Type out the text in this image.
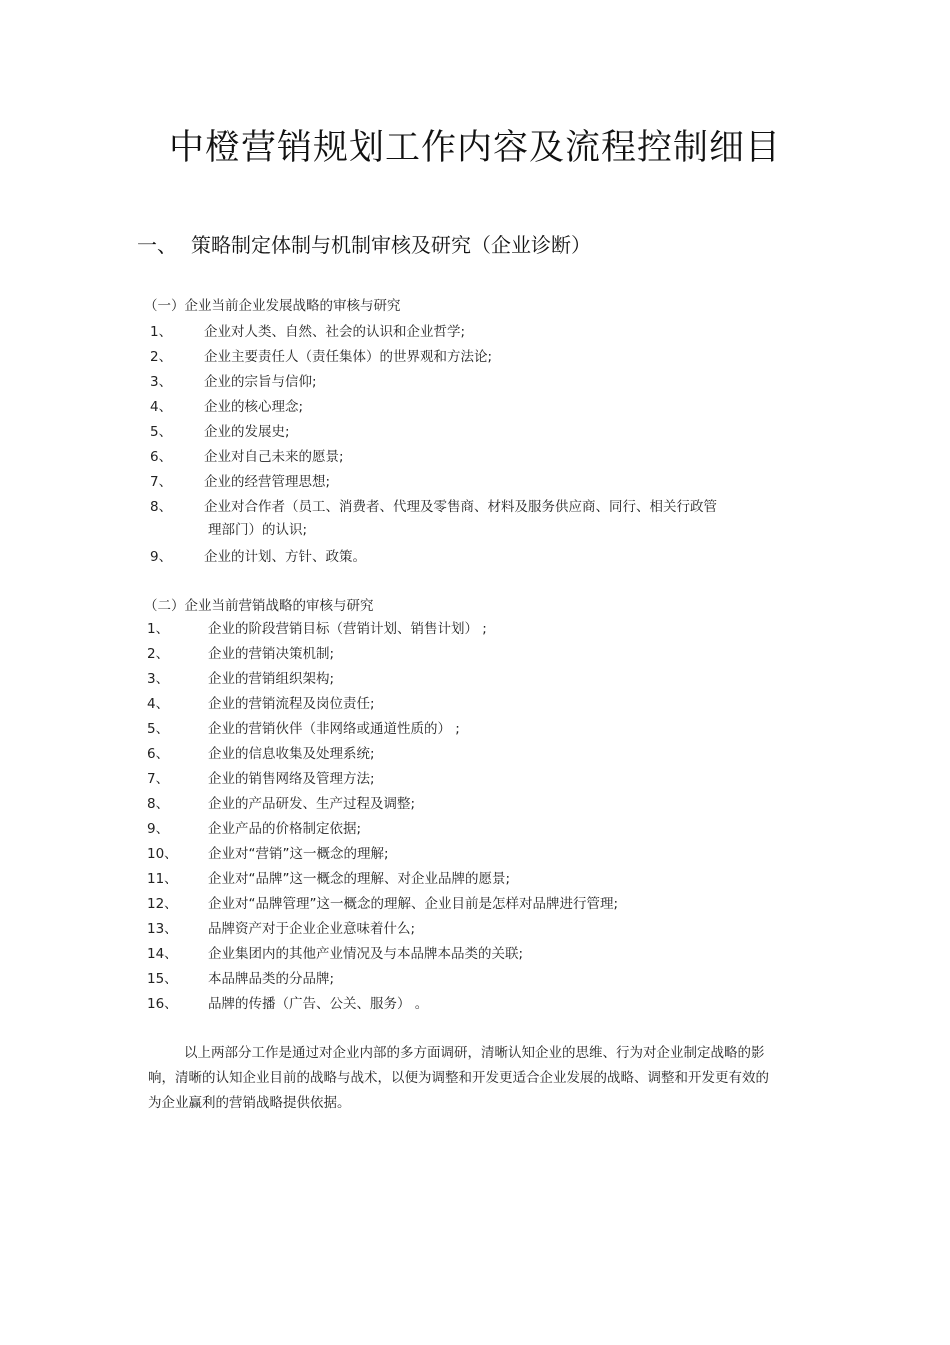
中橙营销规划工作内容及流程控制细目
一、 策略制定体制与机制审核及研究（企业诊断）
（一）企业当前企业发展战略的审核与研究
1、 企业对人类、自然、社会的认识和企业哲学;
2、 企业主要责任人（责任集体）的世界观和方法论;
3、 企业的宗旨与信仰;
4、 企业的核心理念;
5、 企业的发展史;
6、 企业对自己未来的愿景;
7、 企业的经营管理思想;
8、 企业对合作者（员工、消费者、代理及零售商、材料及服务供应商、同行、相关行政管
理部门）的认识;
9、 企业的计划、方针、政策。
（二）企业当前营销战略的审核与研究
1、	企业的阶段营销目标（营销计划、销售计划） ;
2、	企业的营销决策机制;
3、	企业的营销组织架构;
4、	企业的营销流程及岗位责任;
5、	企业的营销伙伴（非网络或通道性质的） ;
6、	企业的信息收集及处理系统;
7、	企业的销售网络及管理方法;
8、	企业的产品研发、生产过程及调整;
9、	企业产品的价格制定依据;
10、 企业对“营销”这一概念的理解;
11、 企业对“品牌”这一概念的理解、对企业品牌的愿景;
12、 企业对“品牌管理”这一概念的理解、企业目前是怎样对品牌进行管理;
13、 品牌资产对于企业企业意味着什么;
14、 企业集团内的其他产业情况及与本品牌本品类的关联;
15、 本品牌品类的分品牌;
16、 品牌的传播（广告、公关、服务） 。

以上两部分工作是通过对企业内部的多方面调研，清晰认知企业的思维、行为对企业制定战略的影响，清晰的认知企业目前的战略与战术，以便为调整和开发更适合企业发展的战略、调整和开发更有效的为企业赢利的营销战略提供依据。
